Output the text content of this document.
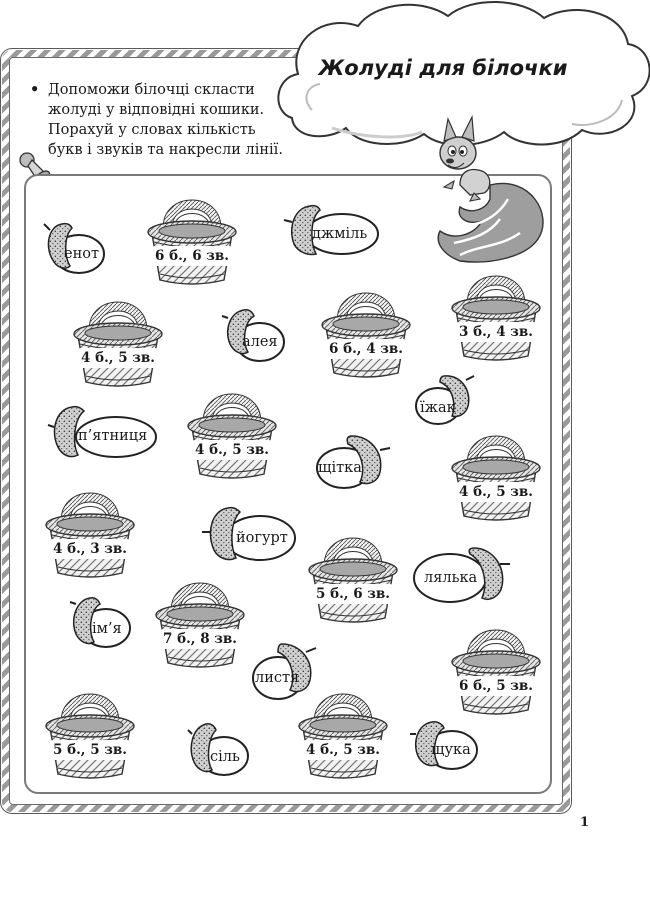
Жолуді для білочки
• Допоможи білочці скласти
жолуді у відповідні кошики.
Порахуй у словах кількість
букв і звуків та накресли лінії.
6 б., 6 зв.
4 б., 5 зв.
6 б., 4 зв.
3 б., 4 зв.
4 б., 5 зв.
4 б., 5 зв.
4 б., 3 зв.
5 б., 6 зв.
7 б., 8 зв.
6 б., 5 зв.
5 б., 5 зв.	4 б., 5 зв.
енот
джміль
алея
їжак
п’ятниця
щітка
йогурт
лялька
ім’я
листя
сіль	щука
1
